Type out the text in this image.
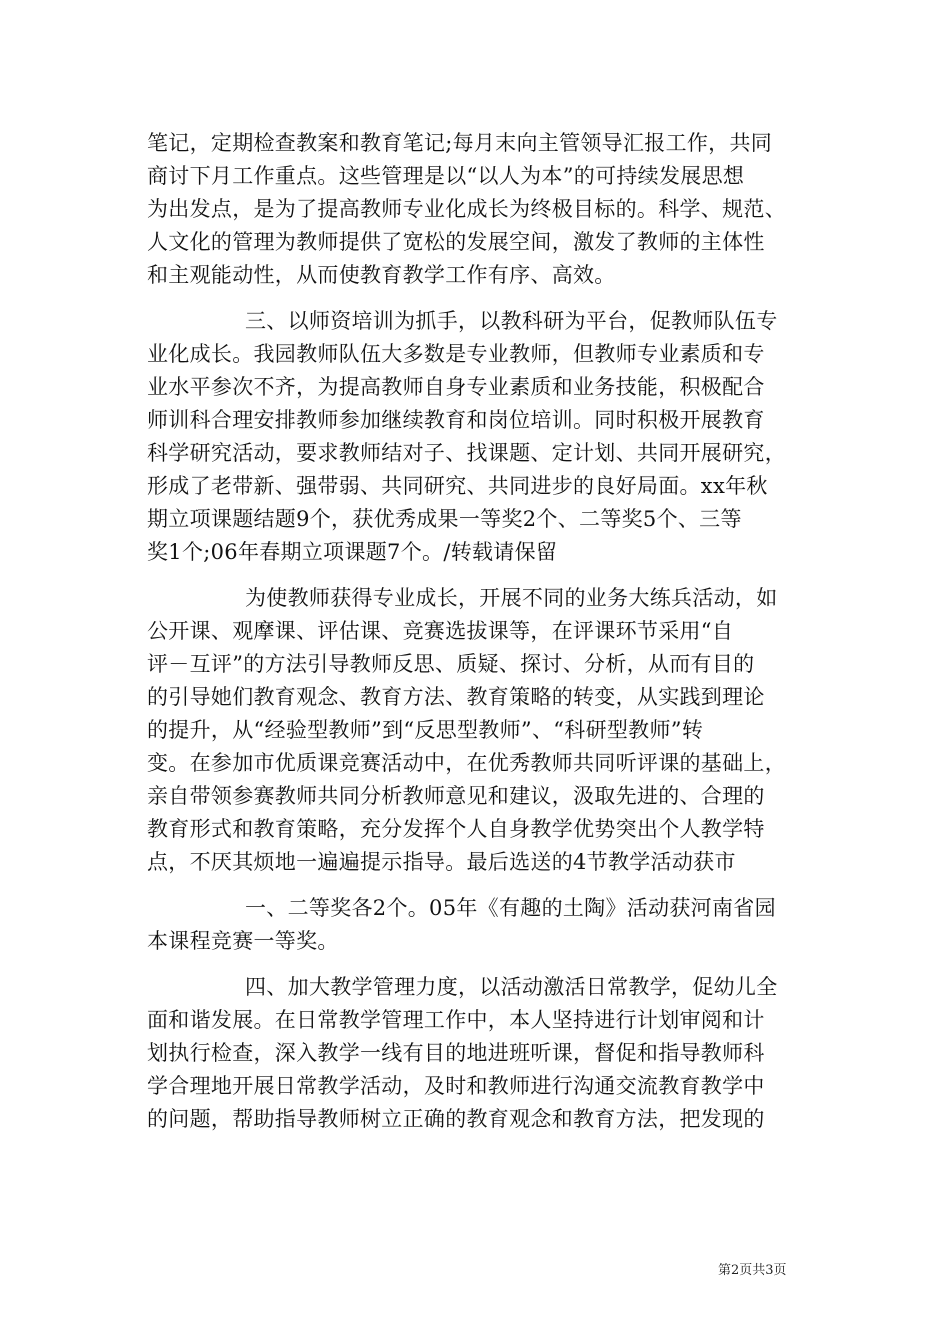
笔记，定期检查教案和教育笔记;每月末向主管领导汇报工作，共同
商讨下月工作重点。这些管理是以“以人为本”的可持续发展思想
为出发点，是为了提高教师专业化成长为终极目标的。科学、规范、
人文化的管理为教师提供了宽松的发展空间，激发了教师的主体性
和主观能动性，从而使教育教学工作有序、高效。
三、以师资培训为抓手，以教科研为平台，促教师队伍专
业化成长。我园教师队伍大多数是专业教师，但教师专业素质和专
业水平参次不齐，为提高教师自身专业素质和业务技能，积极配合
师训科合理安排教师参加继续教育和岗位培训。同时积极开展教育
科学研究活动，要求教师结对子、找课题、定计划、共同开展研究，
形成了老带新、强带弱、共同研究、共同进步的良好局面。xx年秋
期立项课题结题9个，获优秀成果一等奖2个、二等奖5个、三等
奖1个;06年春期立项课题7个。/转载请保留
为使教师获得专业成长，开展不同的业务大练兵活动，如
公开课、观摩课、评估课、竞赛选拔课等，在评课环节采用“自
评－互评”的方法引导教师反思、质疑、探讨、分析，从而有目的
的引导她们教育观念、教育方法、教育策略的转变，从实践到理论
的提升，从“经验型教师”到“反思型教师”、“科研型教师”转
变。在参加市优质课竞赛活动中，在优秀教师共同听评课的基础上，
亲自带领参赛教师共同分析教师意见和建议，汲取先进的、合理的
教育形式和教育策略，充分发挥个人自身教学优势突出个人教学特
点，不厌其烦地一遍遍提示指导。最后选送的4节教学活动获市
一、二等奖各2个。05年《有趣的土陶》活动获河南省园
本课程竞赛一等奖。
四、加大教学管理力度，以活动激活日常教学，促幼儿全
面和谐发展。在日常教学管理工作中，本人坚持进行计划审阅和计
划执行检查，深入教学一线有目的地进班听课，督促和指导教师科
学合理地开展日常教学活动，及时和教师进行沟通交流教育教学中
的问题，帮助指导教师树立正确的教育观念和教育方法，把发现的
第2页共3页
